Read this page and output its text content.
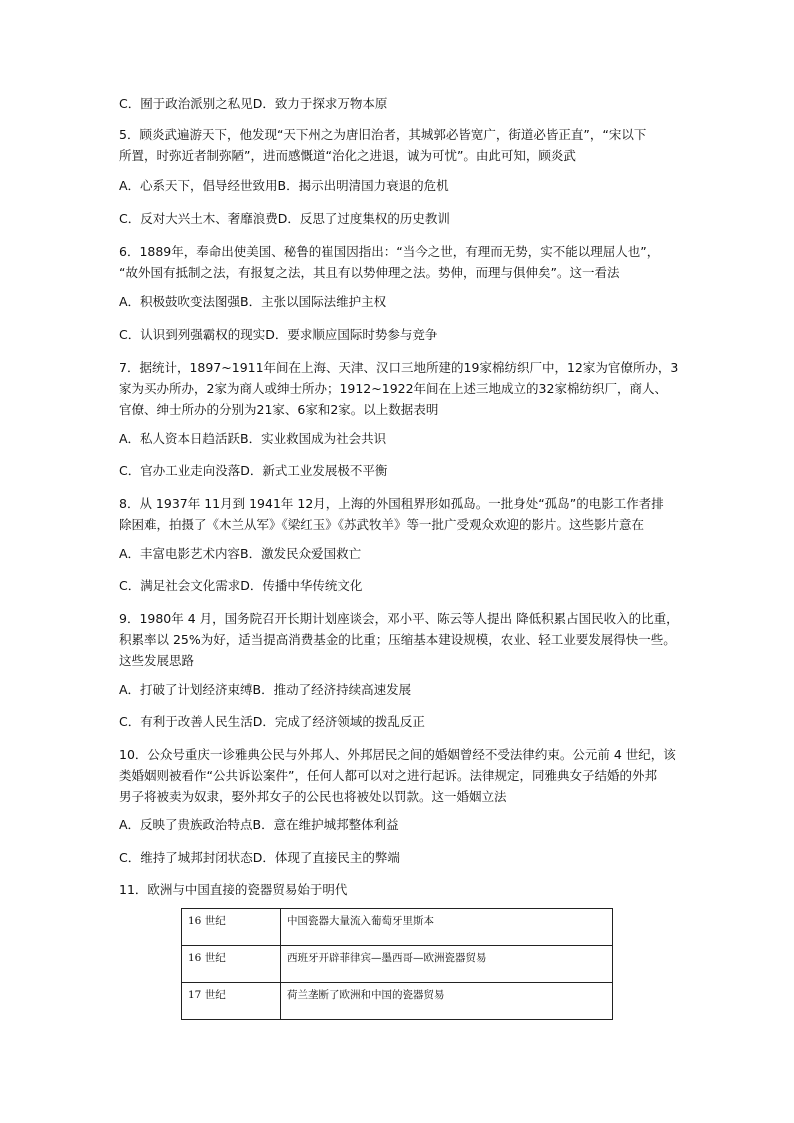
C．囿于政治派别之私见D．致力于探求万物本原
5．顾炎武遍游天下，他发现“天下州之为唐旧治者，其城郭必皆宽广，街道必皆正直”，“宋以下
所置，时弥近者制弥陋”，进而感慨道“治化之进退，诚为可忧”。由此可知，顾炎武
A．心系天下，倡导经世致用B．揭示出明清国力衰退的危机
C．反对大兴土木、奢靡浪费D．反思了过度集权的历史教训
6．1889年，奉命出使美国、秘鲁的崔国因指出：“当今之世，有理而无势，实不能以理屈人也”，
“故外国有抵制之法，有报复之法，其且有以势伸理之法。势伸，而理与俱伸矣”。这一看法
A．积极鼓吹变法图强B．主张以国际法维护主权
C．认识到列强霸权的现实D．要求顺应国际时势参与竞争
7．据统计，1897~1911年间在上海、天津、汉口三地所建的19家棉纺织厂中，12家为官僚所办，3
家为买办所办，2家为商人或绅士所办；1912~1922年间在上述三地成立的32家棉纺织厂，商人、
官僚、绅士所办的分别为21家、6家和2家。以上数据表明
A．私人资本日趋活跃B．实业救国成为社会共识
C．官办工业走向没落D．新式工业发展极不平衡
8．从 1937年 11月到 1941年 12月，上海的外国租界形如孤岛。一批身处“孤岛”的电影工作者排
除困难，拍摄了《木兰从军》《梁红玉》《苏武牧羊》等一批广受观众欢迎的影片。这些影片意在
A．丰富电影艺术内容B．激发民众爱国救亡
C．满足社会文化需求D．传播中华传统文化
9．1980年 4 月，国务院召开长期计划座谈会，邓小平、陈云等人提出 降低积累占国民收入的比重，
积累率以 25%为好，适当提高消费基金的比重；压缩基本建设规模，农业、轻工业要发展得快一些。
这些发展思路
A．打破了计划经济束缚B．推动了经济持续高速发展
C．有利于改善人民生活D．完成了经济领域的拨乱反正
10．公众号重庆一诊雅典公民与外邦人、外邦居民之间的婚姻曾经不受法律约束。公元前 4 世纪，该
类婚姻则被看作“公共诉讼案件”，任何人都可以对之进行起诉。法律规定，同雅典女子结婚的外邦
男子将被卖为奴隶，娶外邦女子的公民也将被处以罚款。这一婚姻立法
A．反映了贵族政治特点B．意在维护城邦整体利益
C．维持了城邦封闭状态D．体现了直接民主的弊端
11．欧洲与中国直接的瓷器贸易始于明代
16 世纪	中国瓷器大量流入葡萄牙里斯本
16 世纪	西班牙开辟菲律宾—墨西哥—欧洲瓷器贸易
17 世纪	荷兰垄断了欧洲和中国的瓷器贸易
